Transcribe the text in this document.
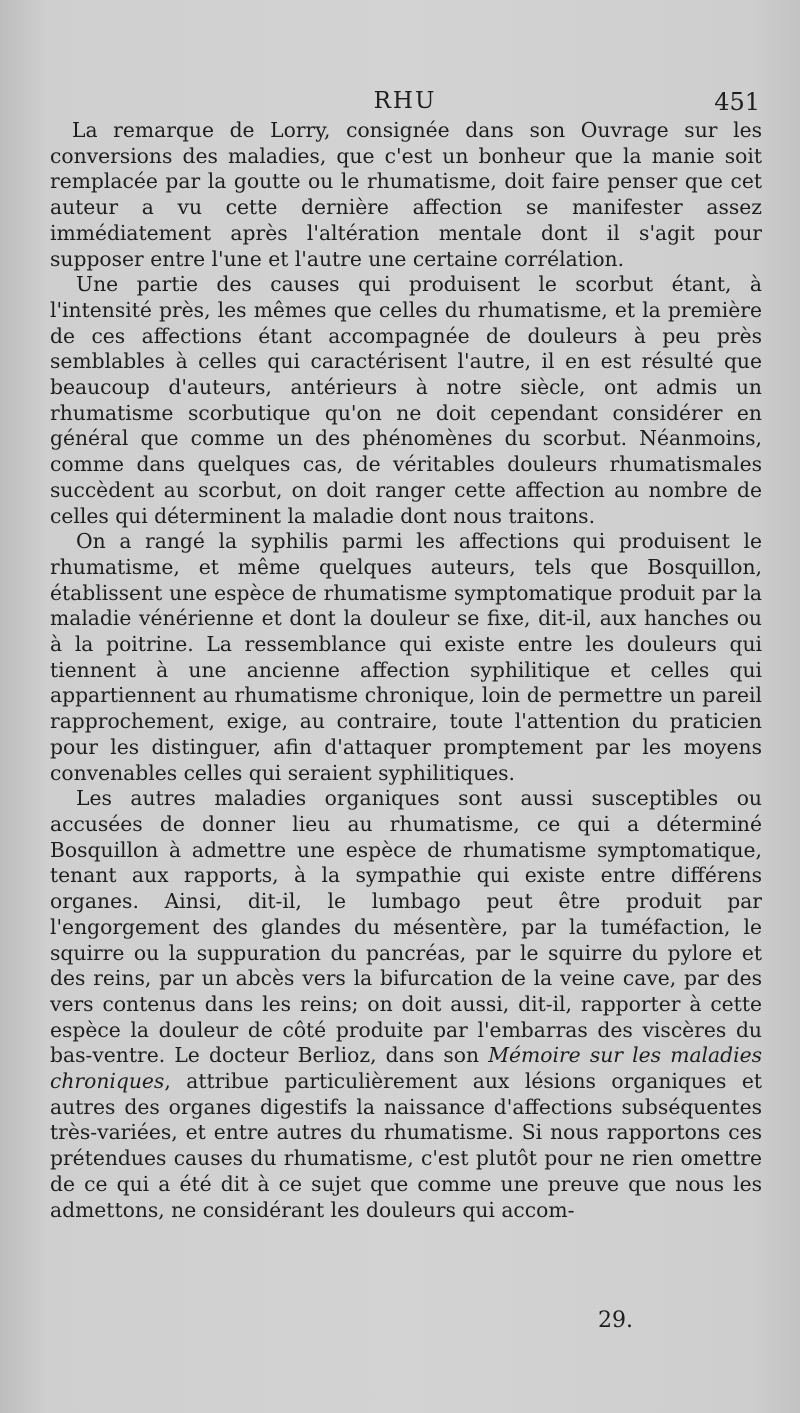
RHU	451

La remarque de Lorry, consignée dans son Ouvrage sur les conversions des maladies, que c'est un bonheur que la manie soit remplacée par la goutte ou le rhumatisme, doit faire penser que cet auteur a vu cette dernière affection se manifester assez immédiatement après l'altération mentale dont il s'agit pour supposer entre l'une et l'autre une certaine corrélation.

Une partie des causes qui produisent le scorbut étant, à l'intensité près, les mêmes que celles du rhumatisme, et la première de ces affections étant accompagnée de douleurs à peu près semblables à celles qui caractérisent l'autre, il en est résulté que beaucoup d'auteurs, antérieurs à notre siècle, ont admis un rhumatisme scorbutique qu'on ne doit cependant considérer en général que comme un des phénomènes du scorbut. Néanmoins, comme dans quelques cas, de véritables douleurs rhumatismales succèdent au scorbut, on doit ranger cette affection au nombre de celles qui déterminent la maladie dont nous traitons.

On a rangé la syphilis parmi les affections qui produisent le rhumatisme, et même quelques auteurs, tels que Bosquillon, établissent une espèce de rhumatisme symptomatique produit par la maladie vénérienne et dont la douleur se fixe, dit-il, aux hanches ou à la poitrine. La ressemblance qui existe entre les douleurs qui tiennent à une ancienne affection syphilitique et celles qui appartiennent au rhumatisme chronique, loin de permettre un pareil rapprochement, exige, au contraire, toute l'attention du praticien pour les distinguer, afin d'attaquer promptement par les moyens convenables celles qui seraient syphilitiques.

Les autres maladies organiques sont aussi susceptibles ou accusées de donner lieu au rhumatisme, ce qui a déterminé Bosquillon à admettre une espèce de rhumatisme symptomatique, tenant aux rapports, à la sympathie qui existe entre différens organes. Ainsi, dit-il, le lumbago peut être produit par l'engorgement des glandes du mésentère, par la tuméfaction, le squirre ou la suppuration du pancréas, par le squirre du pylore et des reins, par un abcès vers la bifurcation de la veine cave, par des vers contenus dans les reins; on doit aussi, dit-il, rapporter à cette espèce la douleur de côté produite par l'embarras des viscères du bas-ventre. Le docteur Berlioz, dans son Mémoire sur les maladies chroniques, attribue particulièrement aux lésions organiques et autres des organes digestifs la naissance d'affections subséquentes très-variées, et entre autres du rhumatisme. Si nous rapportons ces prétendues causes du rhumatisme, c'est plutôt pour ne rien omettre de ce qui a été dit à ce sujet que comme une preuve que nous les admettons, ne considérant les douleurs qui accom-

29.
